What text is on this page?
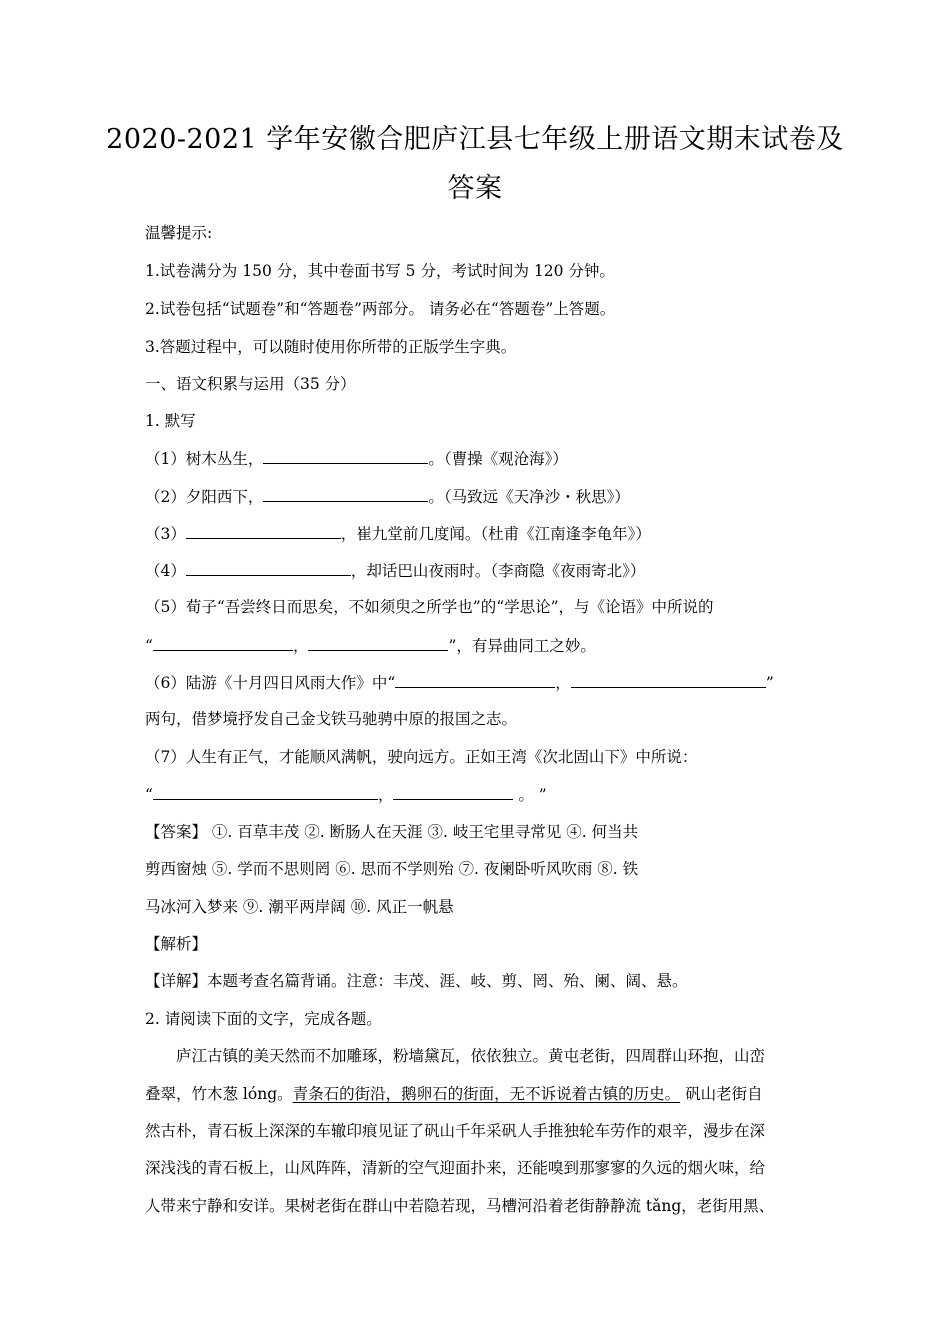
2020-2021 学年安徽合肥庐江县七年级上册语文期末试卷及
答案
温馨提示:
1.试卷满分为 150 分，其中卷面书写 5 分，考试时间为 120 分钟。
2.试卷包括“试题卷”和“答题卷”两部分。 请务必在“答题卷”上答题。
3.答题过程中，可以随时使用你所带的正版学生字典。
一、语文积累与运用（35 分）
1. 默写
（1）树木丛生，	。（曹操《观沧海》）
（2）夕阳西下，	。（马致远《天净沙・秋思》）
（3）	，崔九堂前几度闻。（杜甫《江南逢李龟年》）
（4）	，却话巴山夜雨时。（李商隐《夜雨寄北》）
（5）荀子“吾尝终日而思矣，不如须臾之所学也”的“学思论”，与《论语》中所说的
“	，	”，有异曲同工之妙。
（6）陆游《十月四日风雨大作》中“	，	”
两句，借梦境抒发自己金戈铁马驰骋中原的报国之志。
（7）人生有正气，才能顺风满帆，驶向远方。正如王湾《次北固山下》中所说：
“	，	。 ”
【答案】 ①. 百草丰茂 ②. 断肠人在天涯 ③. 岐王宅里寻常见 ④. 何当共
剪西窗烛 ⑤. 学而不思则罔 ⑥. 思而不学则殆 ⑦. 夜阑卧听风吹雨 ⑧. 铁
马冰河入梦来 ⑨. 潮平两岸阔 ⑩. 风正一帆悬
【解析】
【详解】本题考查名篇背诵。注意：丰茂、涯、岐、剪、罔、殆、阑、阔、悬。
2. 请阅读下面的文字，完成各题。
庐江古镇的美天然而不加雕琢，粉墙黛瓦，依依独立。黄屯老街，四周群山环抱，山峦
叠翠，竹木葱 lóng。青条石的街沿，鹅卵石的街面，无不诉说着古镇的历史。 矾山老街自
然古朴，青石板上深深的车辙印痕见证了矾山千年采矾人手推独轮车劳作的艰辛，漫步在深
深浅浅的青石板上，山风阵阵，清新的空气迎面扑来，还能嗅到那寥寥的久远的烟火味，给
人带来宁静和安详。果树老街在群山中若隐若现，马槽河沿着老街静静流 tǎng，老街用黑、
